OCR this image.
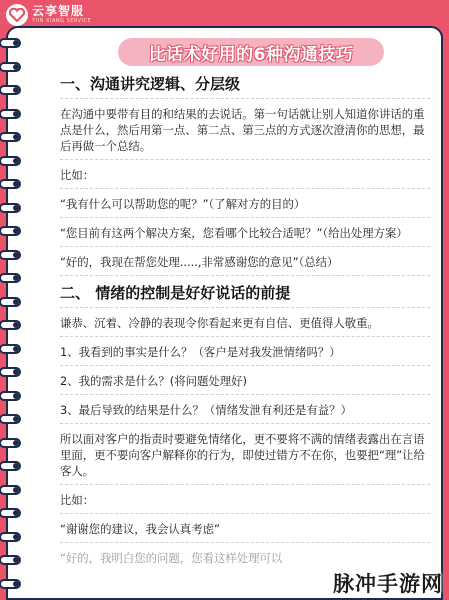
云享智服
YUN XIANG SERVICE
比话术好用的6种沟通技巧
一、沟通讲究逻辑、分层级
在沟通中要带有目的和结果的去说话。第一句话就让别人知道你讲话的重点是什么，然后用第一点、第二点、第三点的方式逐次澄清你的思想，最后再做一个总结。
比如：
“我有什么可以帮助您的呢？”（了解对方的目的）
“您目前有这两个解决方案，您看哪个比较合适呢？”（给出处理方案）
“好的，我现在帮您处理.....,非常感谢您的意见”（总结）
二、 情绪的控制是好好说话的前提
谦恭、沉着、冷静的表现令你看起来更有自信、更值得人敬重。
1、我看到的事实是什么？（客户是对我发泄情绪吗？）
2、我的需求是什么？(将问题处理好)
3、最后导致的结果是什么？（情绪发泄有利还是有益？）
所以面对客户的指责时要避免情绪化，更不要将不满的情绪表露出在言语里面，更不要向客户解释你的行为，即使过错方不在你，也要把“理”让给客人。
比如：
“谢谢您的建议，我会认真考虑”
“好的，我明白您的问题，您看这样处理可以
脉冲手游网
